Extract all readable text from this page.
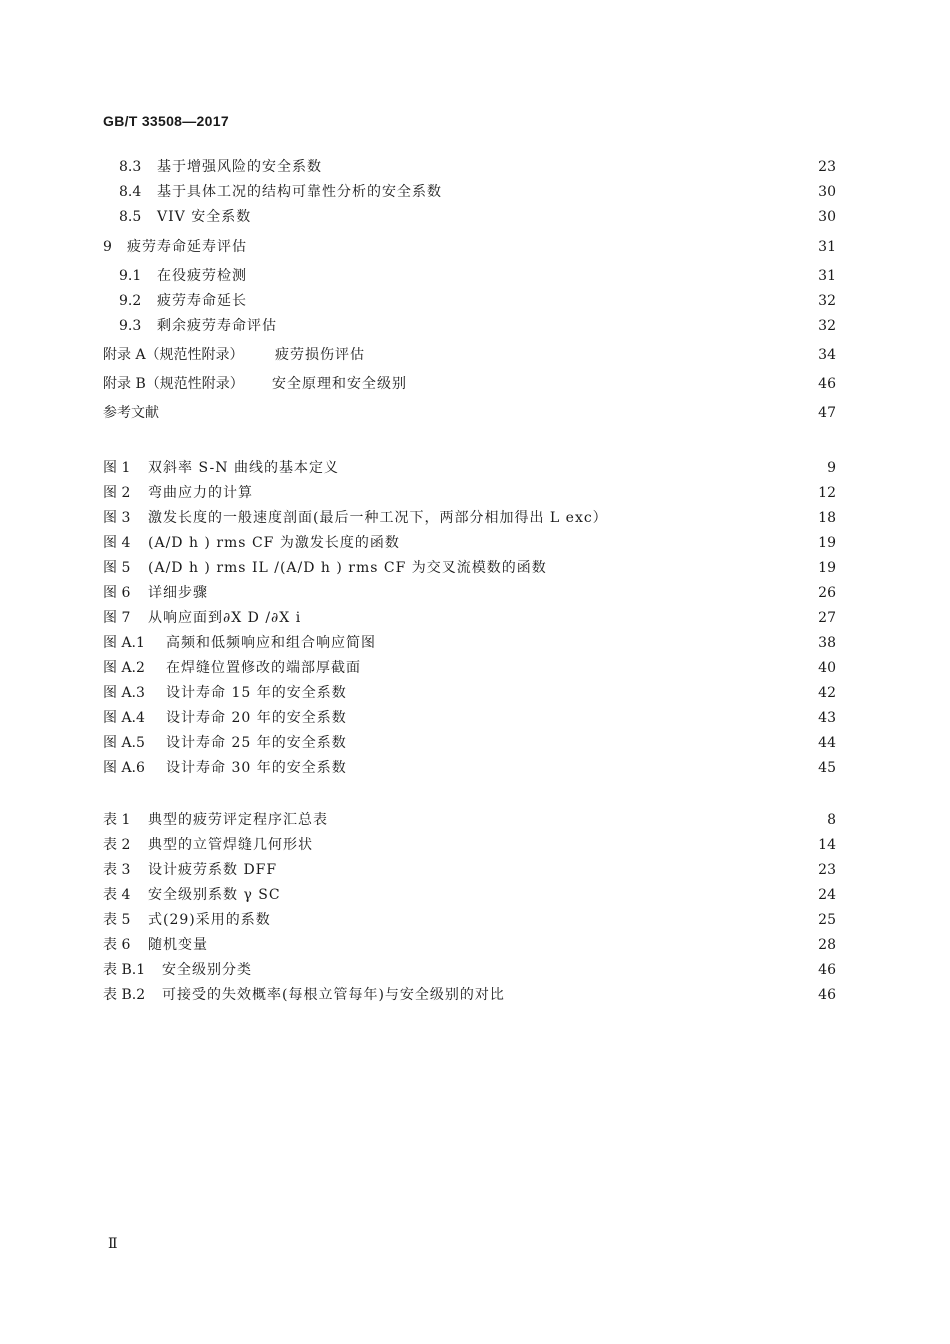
GB/T 33508—2017
8.3 基于增强风险的安全系数	23
8.4 基于具体工况的结构可靠性分析的安全系数	30
8.5 VIV 安全系数	30
9 疲劳寿命延寿评估	31
9.1 在役疲劳检测	31
9.2 疲劳寿命延长	32
9.3 剩余疲劳寿命评估	32
附录 A（规范性附录） 疲劳损伤评估	34
附录 B（规范性附录） 安全原理和安全级别	46
参考文献	47
图 1 双斜率 S-N 曲线的基本定义	9
图 2 弯曲应力的计算	12
图 3 激发长度的一般速度剖面(最后一种工况下，两部分相加得出 L exc）	18
图 4 (A/D h ) rms CF 为激发长度的函数	19
图 5 (A/D h ) rms IL /(A/D h ) rms CF 为交叉流模数的函数	19
图 6 详细步骤	26
图 7 从响应面到∂X D /∂X i	27
图 A.1 高频和低频响应和组合响应简图	38
图 A.2 在焊缝位置修改的端部厚截面	40
图 A.3 设计寿命 15 年的安全系数	42
图 A.4 设计寿命 20 年的安全系数	43
图 A.5 设计寿命 25 年的安全系数	44
图 A.6 设计寿命 30 年的安全系数	45
表 1 典型的疲劳评定程序汇总表	8
表 2 典型的立管焊缝几何形状	14
表 3 设计疲劳系数 DFF	23
表 4 安全级别系数 γ SC	24
表 5 式(29)采用的系数	25
表 6 随机变量	28
表 B.1 安全级别分类	46
表 B.2 可接受的失效概率(每根立管每年)与安全级别的对比	46
Ⅱ
